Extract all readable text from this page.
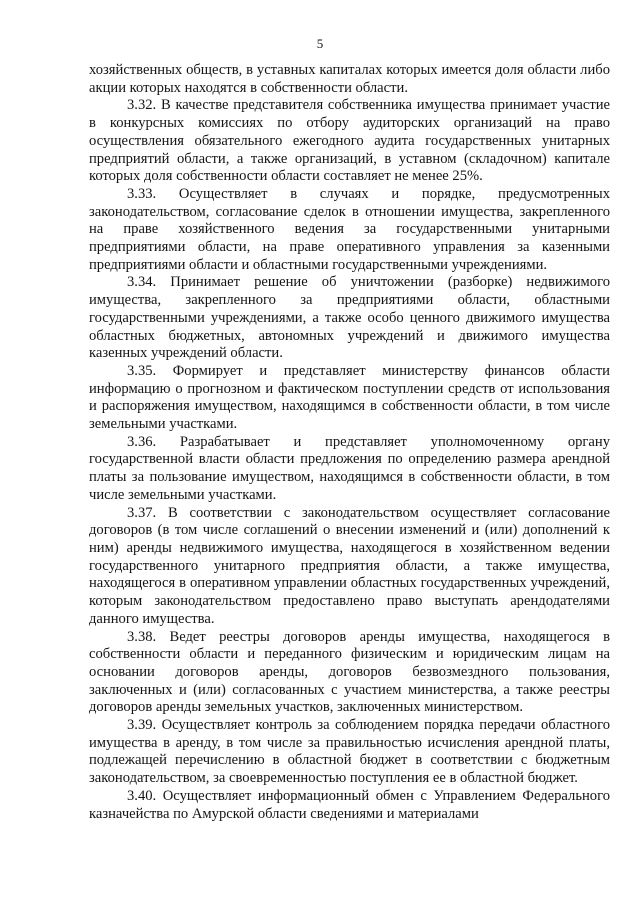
5

хозяйственных обществ, в уставных капиталах которых имеется доля области либо акции которых находятся в собственности области.

3.32. В качестве представителя собственника имущества принимает участие в конкурсных комиссиях по отбору аудиторских организаций на право осуществления обязательного ежегодного аудита государственных унитарных предприятий области, а также организаций, в уставном (складочном) капитале которых доля собственности области составляет не менее 25%.

3.33. Осуществляет в случаях и порядке, предусмотренных законодательством, согласование сделок в отношении имущества, закрепленного на праве хозяйственного ведения за государственными унитарными предприятиями области, на праве оперативного управления за казенными предприятиями области и областными государственными учреждениями.

3.34. Принимает решение об уничтожении (разборке) недвижимого имущества, закрепленного за предприятиями области, областными государственными учреждениями, а также особо ценного движимого имущества областных бюджетных, автономных учреждений и движимого имущества казенных учреждений области.

3.35. Формирует и представляет министерству финансов области информацию о прогнозном и фактическом поступлении средств от использования и распоряжения имуществом, находящимся в собственности области, в том числе земельными участками.

3.36. Разрабатывает и представляет уполномоченному органу государственной власти области предложения по определению размера арендной платы за пользование имуществом, находящимся в собственности области, в том числе земельными участками.

3.37. В соответствии с законодательством осуществляет согласование договоров (в том числе соглашений о внесении изменений и (или) дополнений к ним) аренды недвижимого имущества, находящегося в хозяйственном ведении государственного унитарного предприятия области, а также имущества, находящегося в оперативном управлении областных государственных учреждений, которым законодательством предоставлено право выступать арендодателями данного имущества.

3.38. Ведет реестры договоров аренды имущества, находящегося в собственности области и переданного физическим и юридическим лицам на основании договоров аренды, договоров безвозмездного пользования, заключенных и (или) согласованных с участием министерства, а также реестры договоров аренды земельных участков, заключенных министерством.

3.39. Осуществляет контроль за соблюдением порядка передачи областного имущества в аренду, в том числе за правильностью исчисления арендной платы, подлежащей перечислению в областной бюджет в соответствии с бюджетным законодательством, за своевременностью поступления ее в областной бюджет.

3.40. Осуществляет информационный обмен с Управлением Федерального казначейства по Амурской области сведениями и материалами
